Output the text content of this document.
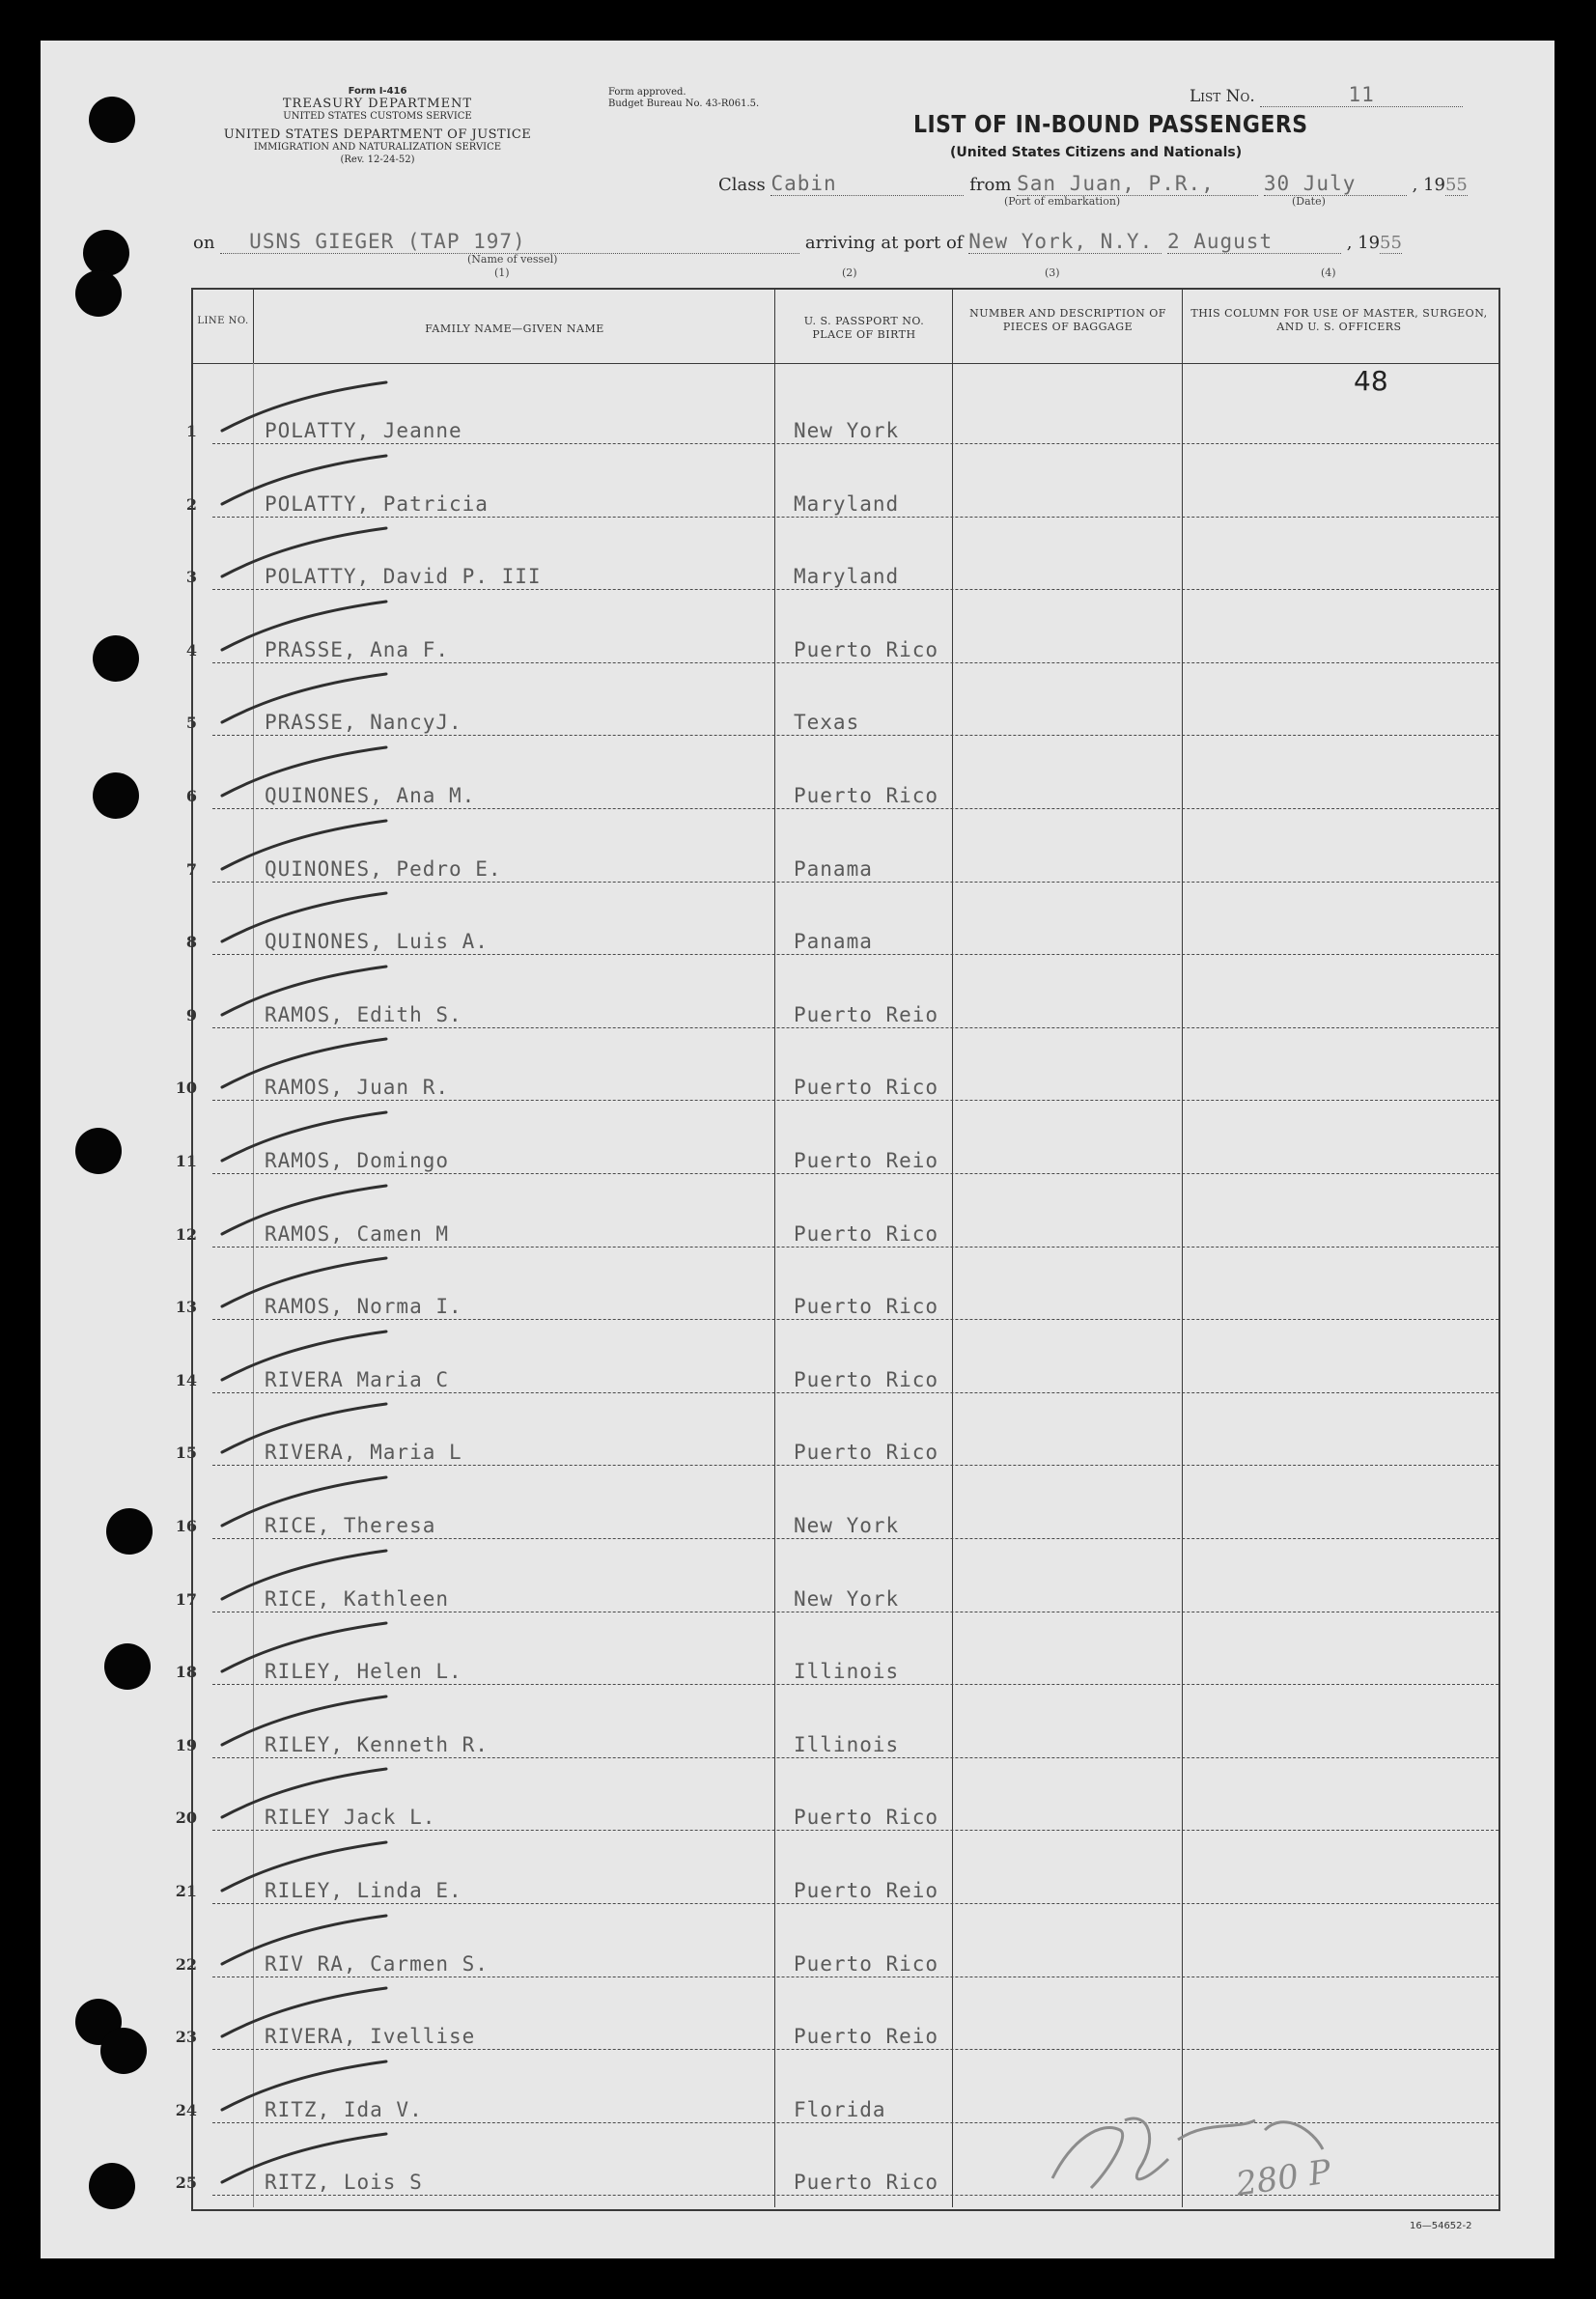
Form I-416
TREASURY DEPARTMENT
UNITED STATES CUSTOMS SERVICE
UNITED STATES DEPARTMENT OF JUSTICE
IMMIGRATION AND NATURALIZATION SERVICE
(Rev. 12-24-52)
Form approved.
Budget Bureau No. 43-R061.5.	List No.	11
LIST OF IN-BOUND PASSENGERS
(United States Citizens and Nationals)
Class Cabin	from San Juan, P.R., 30 July	, 1955
(Port of embarkation)	(Date)
on USNS GIEGER (TAP 197)	arriving at port of New York, N.Y. 2 August	, 1955
(Name of vessel)
(1)	(2)	(3)	(4)
LINE NO.
FAMILY NAME—GIVEN NAME
U. S. PASSPORT NO. PLACE OF BIRTH
NUMBER AND DESCRIPTION OF PIECES OF BAGGAGE
THIS COLUMN FOR USE OF MASTER, SURGEON, AND U. S. OFFICERS
48
1	POLATTY, Jeanne	New York
2	POLATTY, Patricia	Maryland
3	POLATTY, David P. III	Maryland
4	PRASSE, Ana F.	Puerto Rico
5	PRASSE, NancyJ.	Texas
6	QUINONES, Ana M.	Puerto Rico
7	QUINONES, Pedro E.	Panama
8	QUINONES, Luis A.	Panama
9	RAMOS, Edith S.	Puerto Reio
10	RAMOS, Juan R.	Puerto Rico
11	RAMOS, Domingo	Puerto Reio
12	RAMOS, Camen M	Puerto Rico
13	RAMOS, Norma I.	Puerto Rico
14	RIVERA Maria C	Puerto Rico
15	RIVERA, Maria L	Puerto Rico
16	RICE, Theresa	New York
17	RICE, Kathleen	New York
18	RILEY, Helen L.	Illinois
19	RILEY, Kenneth R.	Illinois
20	RILEY Jack L.	Puerto Rico
21	RILEY, Linda E.	Puerto Reio
22	RIV RA, Carmen S.	Puerto Rico
23	RIVERA, Ivellise	Puerto Reio
24	RITZ, Ida V.	Florida
25	RITZ, Lois S	Puerto Rico	280 P
16—54652-2
